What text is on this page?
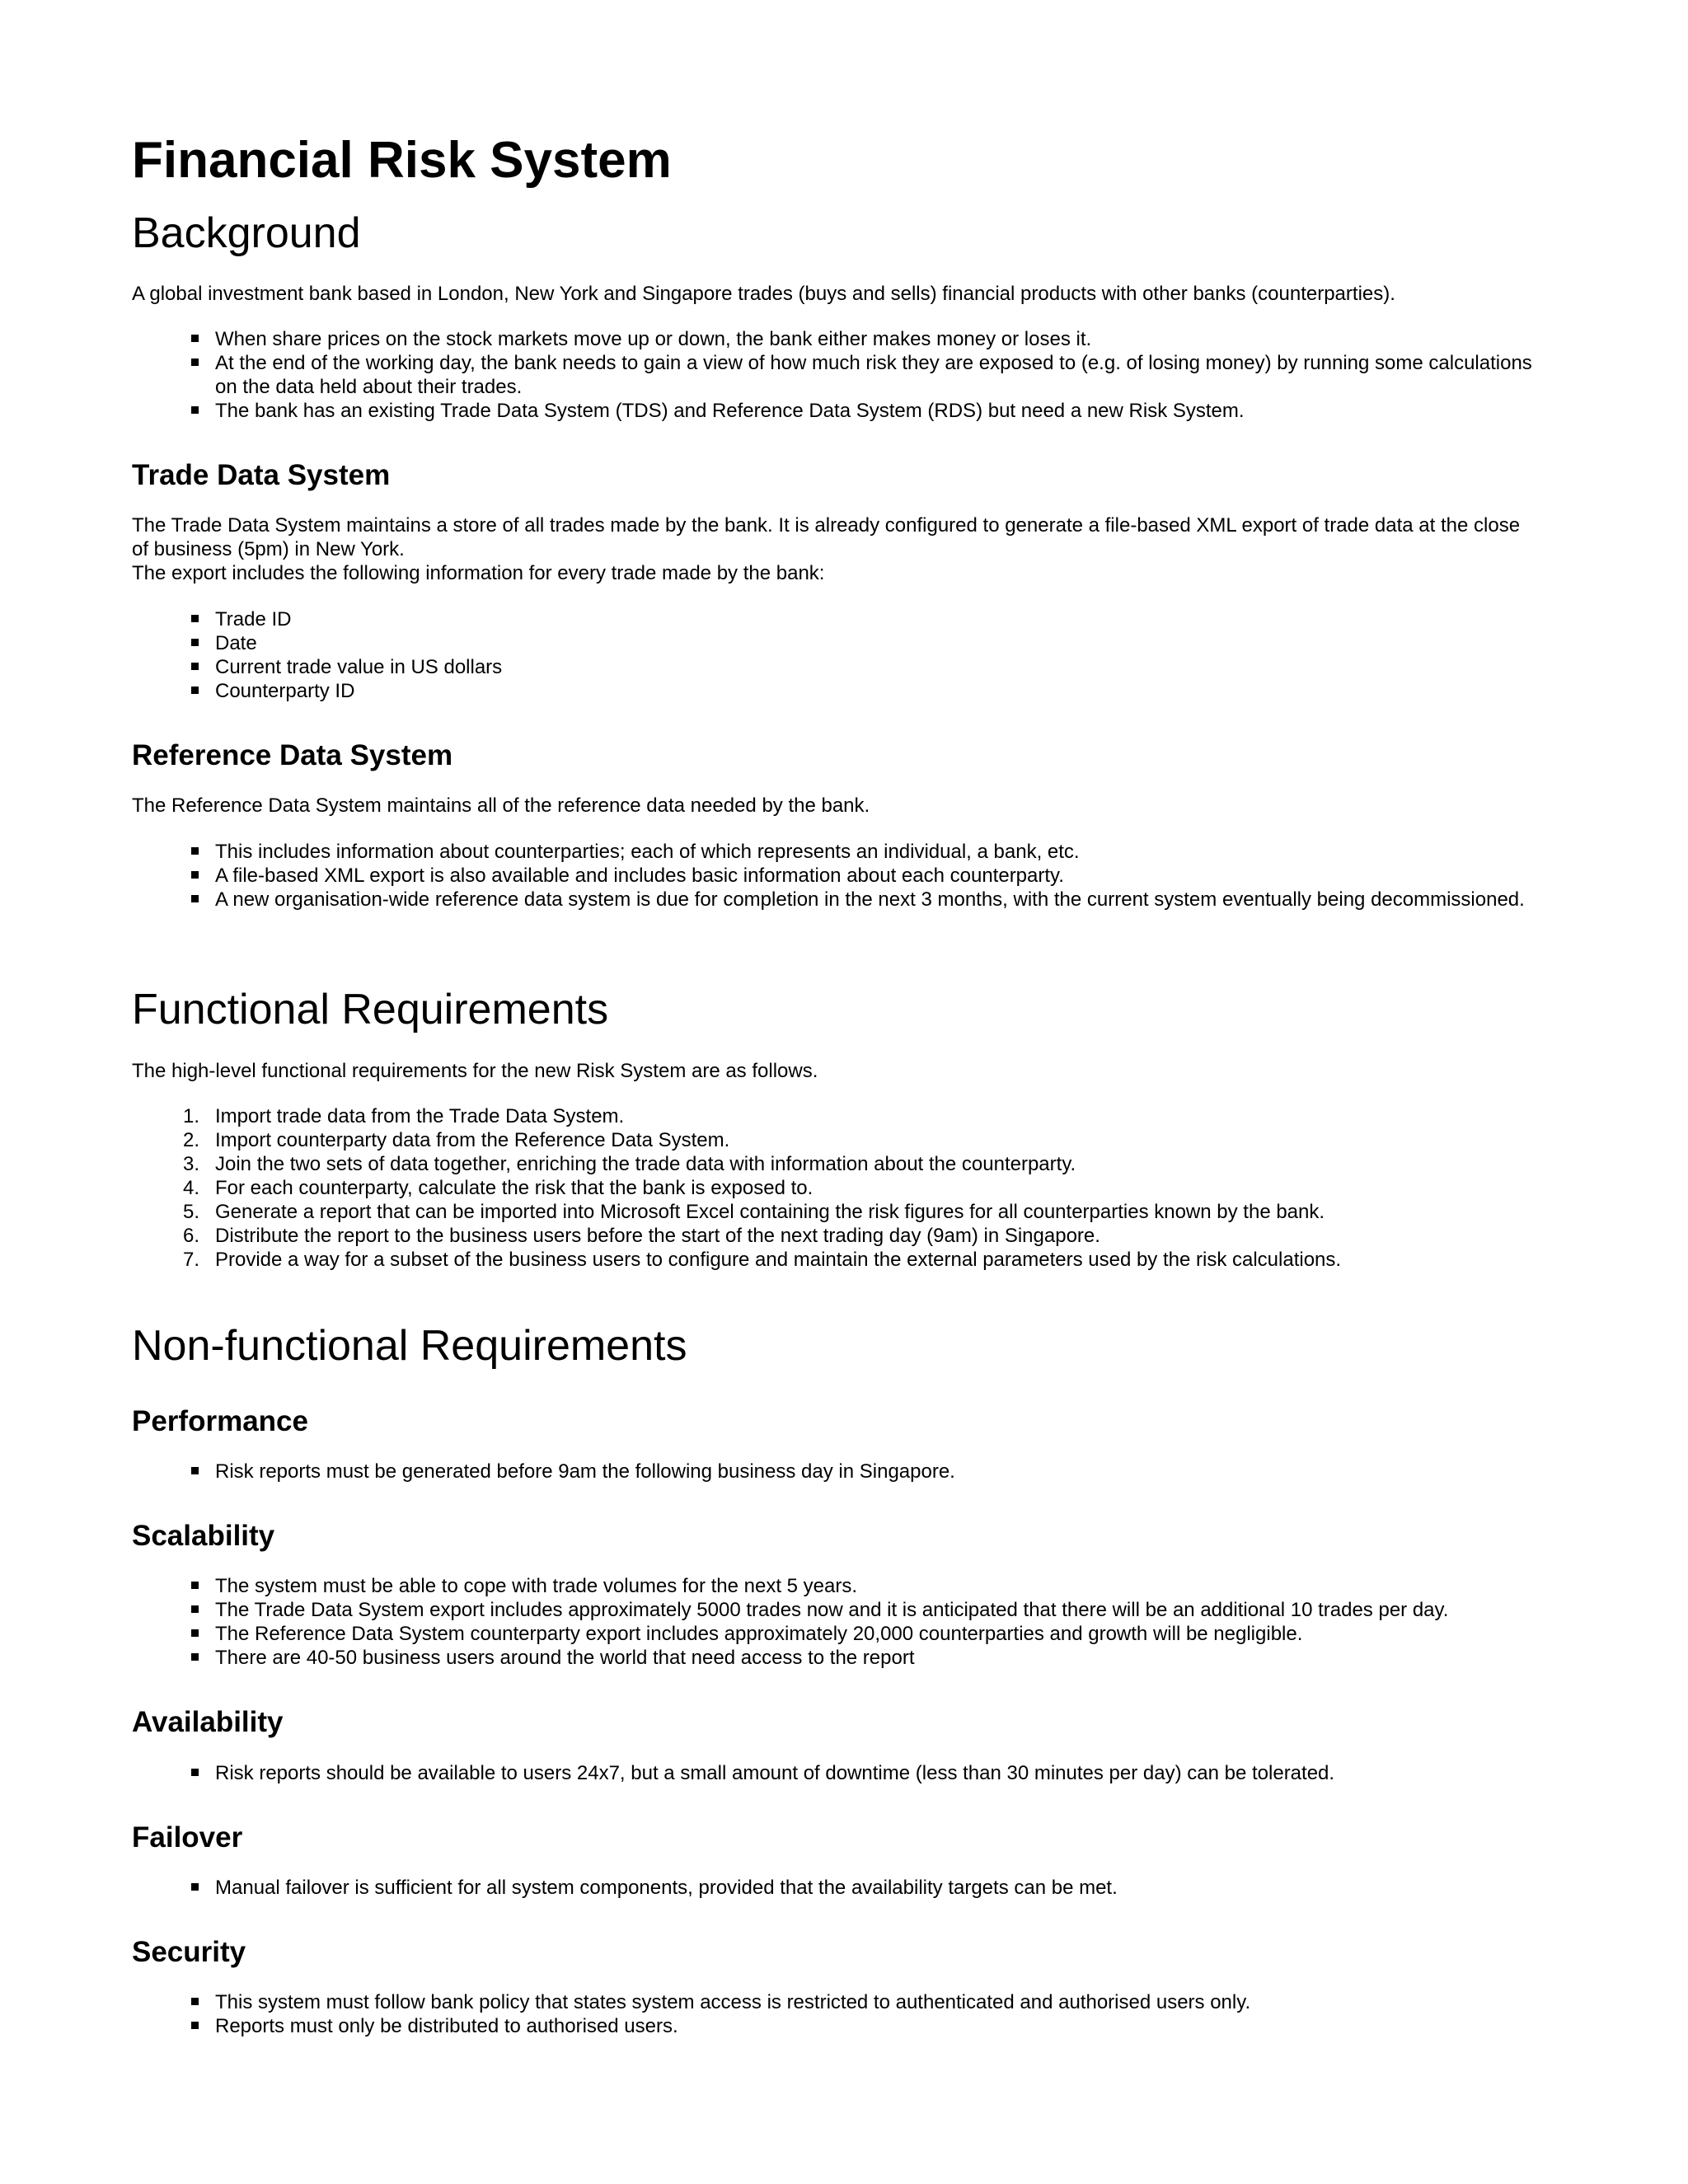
Financial Risk System
Background

A global investment bank based in London, New York and Singapore trades (buys and sells) financial products with other banks (counterparties).

When share prices on the stock markets move up or down, the bank either makes money or loses it.
At the end of the working day, the bank needs to gain a view of how much risk they are exposed to (e.g. of losing money) by running some calculations on the data held about their trades.
The bank has an existing Trade Data System (TDS) and Reference Data System (RDS) but need a new Risk System.
Trade Data System

The Trade Data System maintains a store of all trades made by the bank. It is already configured to generate a file-based XML export of trade data at the close of business (5pm) in New York.

The export includes the following information for every trade made by the bank:

Trade ID
Date
Current trade value in US dollars
Counterparty ID
Reference Data System

The Reference Data System maintains all of the reference data needed by the bank.

This includes information about counterparties; each of which represents an individual, a bank, etc.
A file-based XML export is also available and includes basic information about each counterparty.
A new organisation-wide reference data system is due for completion in the next 3 months, with the current system eventually being decommissioned.
Functional Requirements

The high-level functional requirements for the new Risk System are as follows.

1. Import trade data from the Trade Data System.
2. Import counterparty data from the Reference Data System.
3. Join the two sets of data together, enriching the trade data with information about the counterparty.
4. For each counterparty, calculate the risk that the bank is exposed to.
5. Generate a report that can be imported into Microsoft Excel containing the risk figures for all counterparties known by the bank.
6. Distribute the report to the business users before the start of the next trading day (9am) in Singapore.
7. Provide a way for a subset of the business users to configure and maintain the external parameters used by the risk calculations.
Non-functional Requirements
Performance
Risk reports must be generated before 9am the following business day in Singapore.
Scalability
The system must be able to cope with trade volumes for the next 5 years.
The Trade Data System export includes approximately 5000 trades now and it is anticipated that there will be an additional 10 trades per day.
The Reference Data System counterparty export includes approximately 20,000 counterparties and growth will be negligible.
There are 40-50 business users around the world that need access to the report
Availability
Risk reports should be available to users 24x7, but a small amount of downtime (less than 30 minutes per day) can be tolerated.
Failover
Manual failover is sufficient for all system components, provided that the availability targets can be met.
Security
This system must follow bank policy that states system access is restricted to authenticated and authorised users only.
Reports must only be distributed to authorised users.
